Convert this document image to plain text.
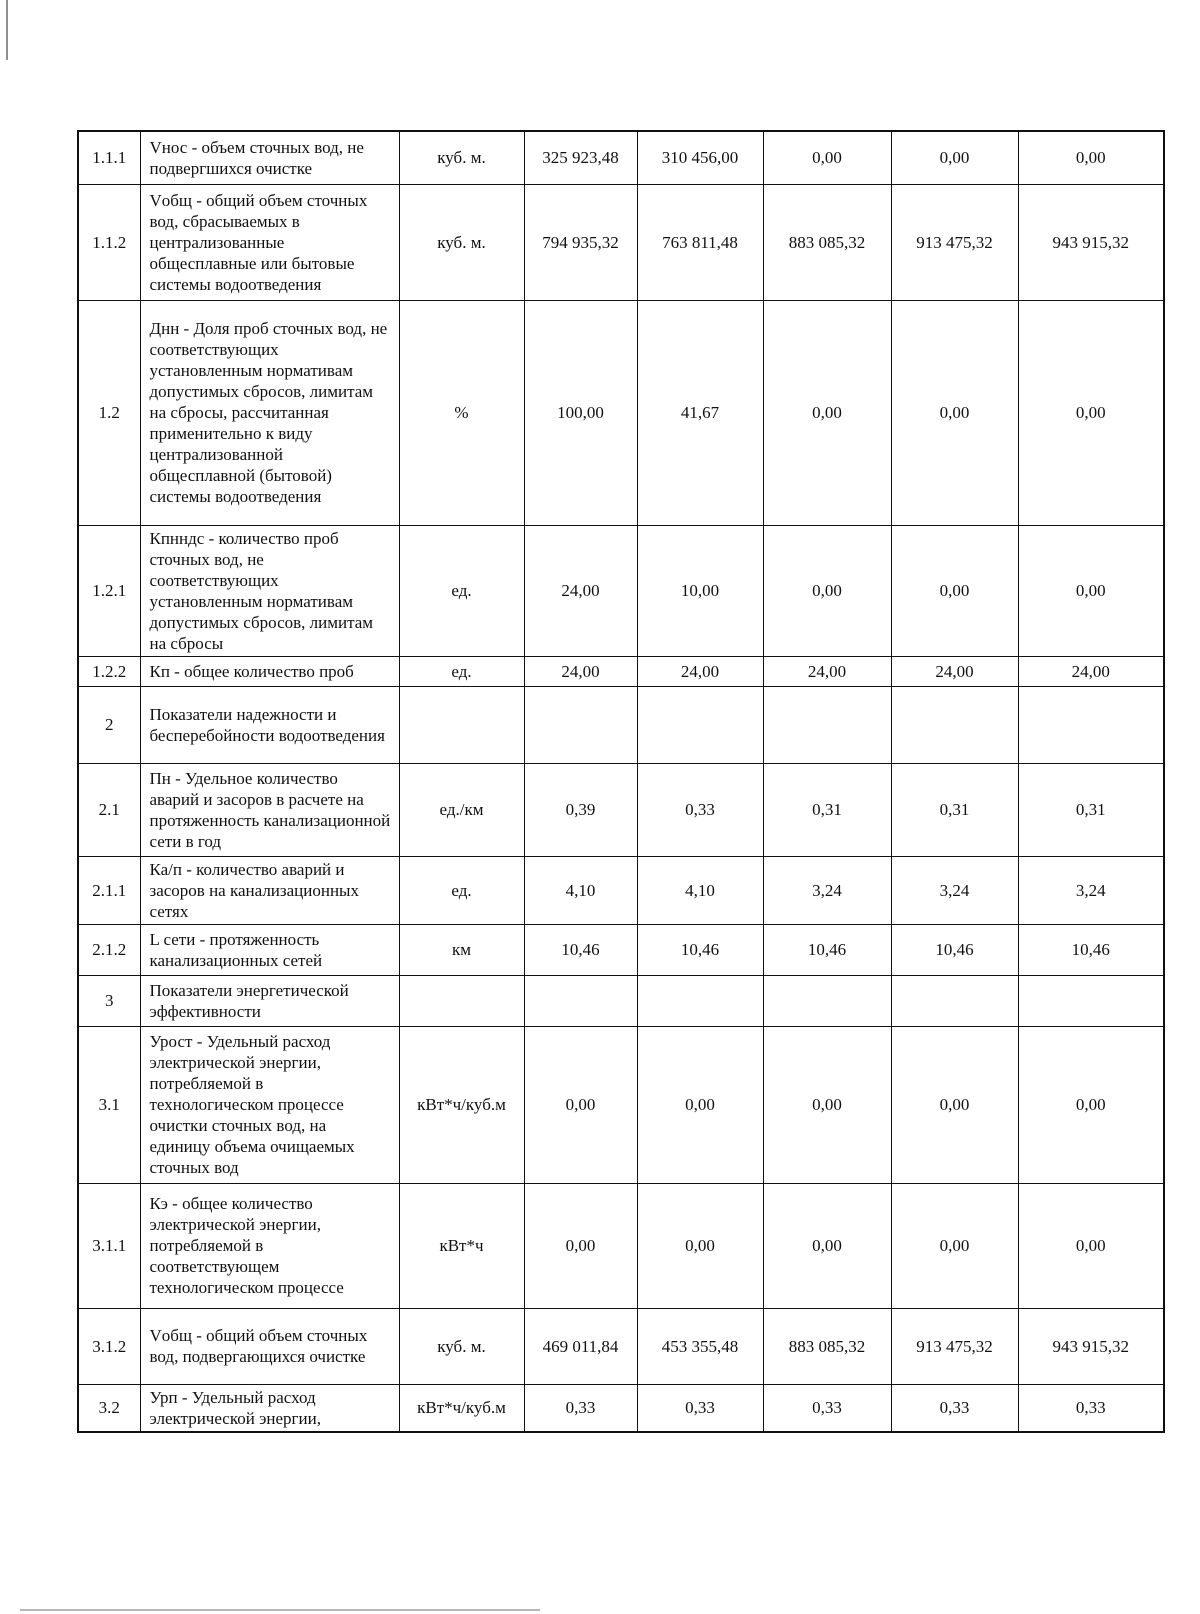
1.1.1	Vнос - объем сточных вод, не подвергшихся очистке	куб. м.	325 923,48	310 456,00	0,00	0,00	0,00
1.1.2	Vобщ - общий объем сточных вод, сбрасываемых в централизованные общесплавные или бытовые системы водоотведения	куб. м.	794 935,32	763 811,48	883 085,32	913 475,32	943 915,32
1.2	Днн - Доля проб сточных вод, не соответствующих установленным нормативам допустимых сбросов, лимитам на сбросы, рассчитанная применительно к виду централизованной общесплавной (бытовой) системы водоотведения	%	100,00	41,67	0,00	0,00	0,00
1.2.1	Кпнндс - количество проб сточных вод, не соответствующих установленным нормативам допустимых сбросов, лимитам на сбросы	ед.	24,00	10,00	0,00	0,00	0,00
1.2.2	Кп - общее количество проб	ед.	24,00	24,00	24,00	24,00	24,00
2	Показатели надежности и бесперебойности водоотведения						
2.1	Пн - Удельное количество аварий и засоров в расчете на протяженность канализационной сети в год	ед./км	0,39	0,33	0,31	0,31	0,31
2.1.1	Ка/п - количество аварий и засоров на канализационных сетях	ед.	4,10	4,10	3,24	3,24	3,24
2.1.2	L сети - протяженность канализационных сетей	км	10,46	10,46	10,46	10,46	10,46
3	Показатели энергетической эффективности						
3.1	Урост - Удельный расход электрической энергии, потребляемой в технологическом процессе очистки сточных вод, на единицу объема очищаемых сточных вод	кВт*ч/куб.м	0,00	0,00	0,00	0,00	0,00
3.1.1	Кэ - общее количество электрической энергии, потребляемой в соответствующем технологическом процессе	кВт*ч	0,00	0,00	0,00	0,00	0,00
3.1.2	Vобщ - общий объем сточных вод, подвергающихся очистке	куб. м.	469 011,84	453 355,48	883 085,32	913 475,32	943 915,32
3.2	Урп - Удельный расход электрической энергии,	кВт*ч/куб.м	0,33	0,33	0,33	0,33	0,33
